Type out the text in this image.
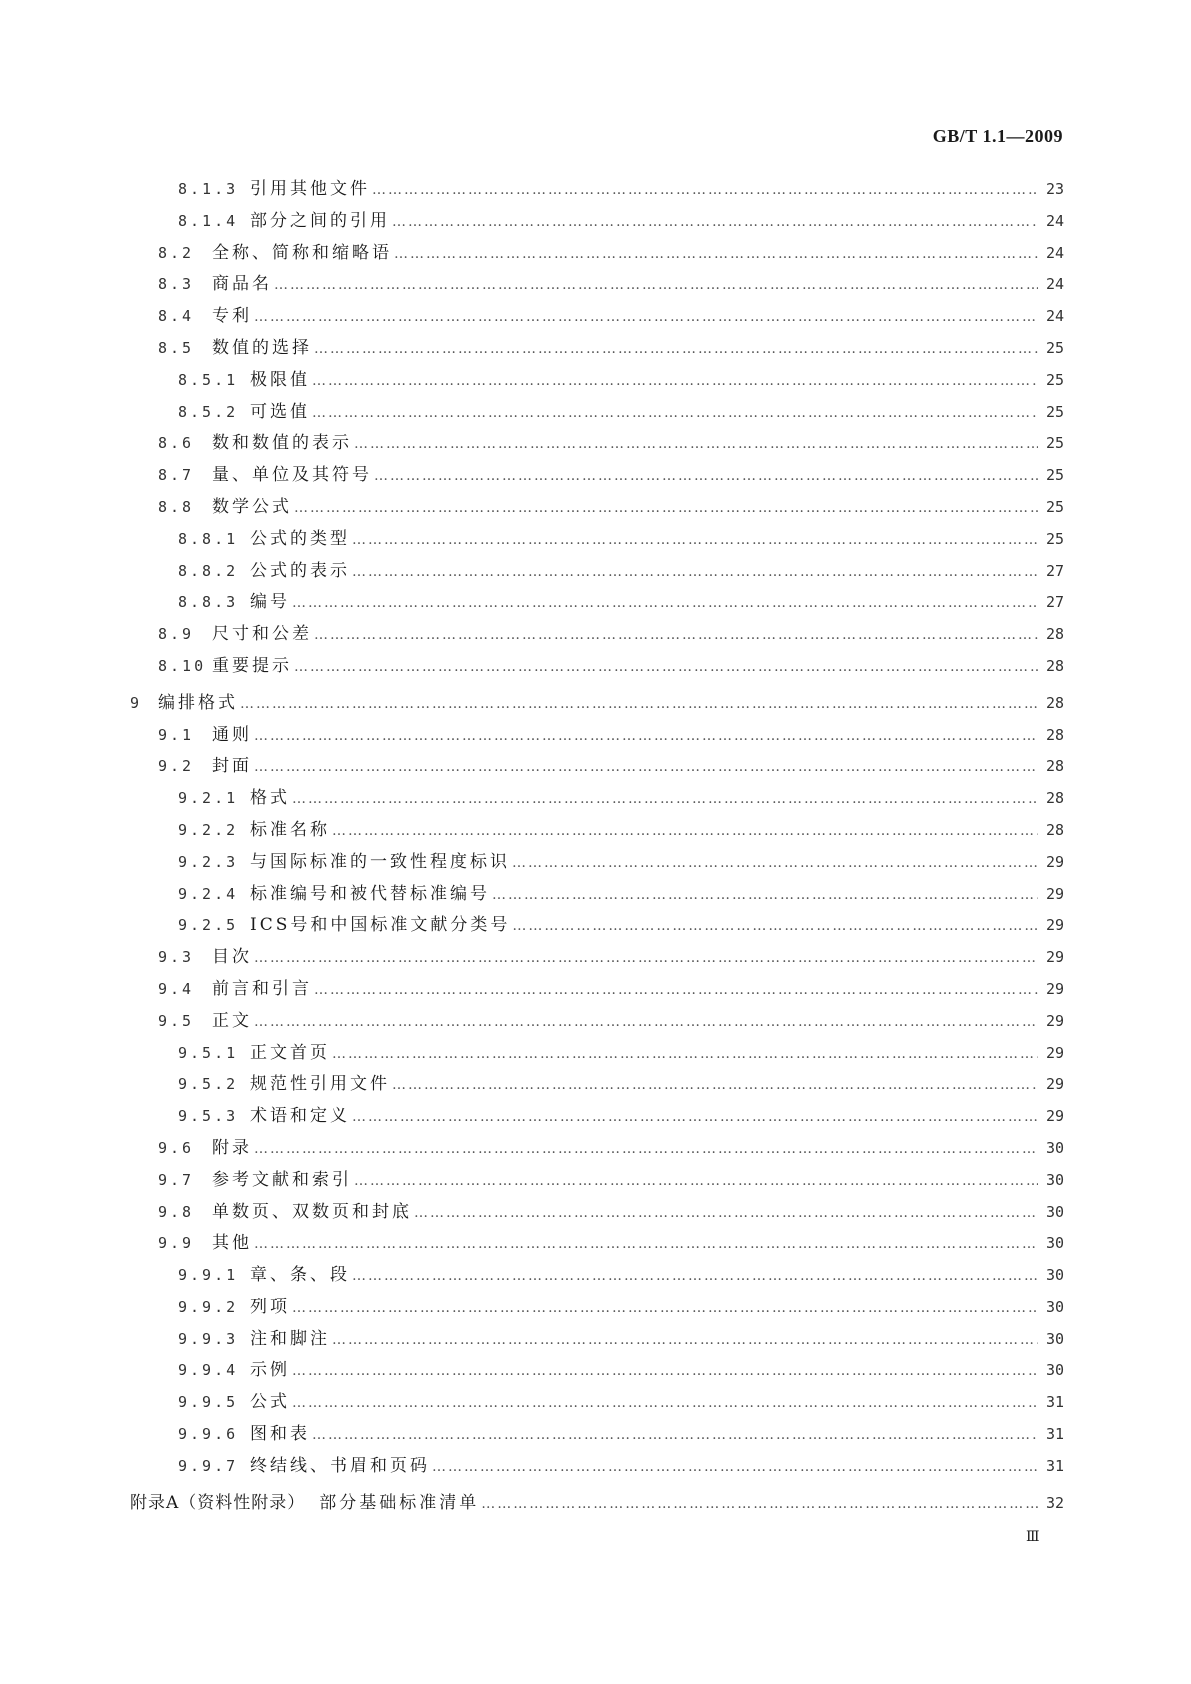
GB/T 1.1—2009
8.1.3 引用其他文件 ……………………………………………………………………………………………………………………………………………………………………………………	23
8.1.4 部分之间的引用 ……………………………………………………………………………………………………………………………………………………………………………………	24
8.2	全称、简称和缩略语 ……………………………………………………………………………………………………………………………………………………………………………………	24
8.3	商品名 ……………………………………………………………………………………………………………………………………………………………………………………	24
8.4	专利 ……………………………………………………………………………………………………………………………………………………………………………………	24
8.5	数值的选择 ……………………………………………………………………………………………………………………………………………………………………………………	25
8.5.1 极限值 ……………………………………………………………………………………………………………………………………………………………………………………	25
8.5.2 可选值 ……………………………………………………………………………………………………………………………………………………………………………………	25
8.6	数和数值的表示 ……………………………………………………………………………………………………………………………………………………………………………………	25
8.7	量、单位及其符号 ……………………………………………………………………………………………………………………………………………………………………………………	25
8.8	数学公式 ……………………………………………………………………………………………………………………………………………………………………………………	25
8.8.1 公式的类型 ……………………………………………………………………………………………………………………………………………………………………………………	25
8.8.2 公式的表示 ……………………………………………………………………………………………………………………………………………………………………………………	27
8.8.3 编号 ……………………………………………………………………………………………………………………………………………………………………………………	27
8.9	尺寸和公差 ……………………………………………………………………………………………………………………………………………………………………………………	28
8.10 重要提示 ……………………………………………………………………………………………………………………………………………………………………………………	28
9 编排格式 ……………………………………………………………………………………………………………………………………………………………………………………	28
9.1	通则 ……………………………………………………………………………………………………………………………………………………………………………………	28
9.2	封面 ……………………………………………………………………………………………………………………………………………………………………………………	28
9.2.1 格式 ……………………………………………………………………………………………………………………………………………………………………………………	28
9.2.2 标准名称 ……………………………………………………………………………………………………………………………………………………………………………………	28
9.2.3 与国际标准的一致性程度标识 ……………………………………………………………………………………………………………………………………………………………………………………	29
9.2.4 标准编号和被代替标准编号 ……………………………………………………………………………………………………………………………………………………………………………………	29
9.2.5 ICS号和中国标准文献分类号 ……………………………………………………………………………………………………………………………………………………………………………………	29
9.3	目次 ……………………………………………………………………………………………………………………………………………………………………………………	29
9.4	前言和引言 ……………………………………………………………………………………………………………………………………………………………………………………	29
9.5	正文 ……………………………………………………………………………………………………………………………………………………………………………………	29
9.5.1 正文首页 ……………………………………………………………………………………………………………………………………………………………………………………	29
9.5.2 规范性引用文件 ……………………………………………………………………………………………………………………………………………………………………………………	29
9.5.3 术语和定义 ……………………………………………………………………………………………………………………………………………………………………………………	29
9.6	附录 ……………………………………………………………………………………………………………………………………………………………………………………	30
9.7	参考文献和索引 ……………………………………………………………………………………………………………………………………………………………………………………	30
9.8	单数页、双数页和封底 ……………………………………………………………………………………………………………………………………………………………………………………	30
9.9	其他 ……………………………………………………………………………………………………………………………………………………………………………………	30
9.9.1 章、条、段 ……………………………………………………………………………………………………………………………………………………………………………………	30
9.9.2 列项 ……………………………………………………………………………………………………………………………………………………………………………………	30
9.9.3 注和脚注 ……………………………………………………………………………………………………………………………………………………………………………………	30
9.9.4 示例 ……………………………………………………………………………………………………………………………………………………………………………………	30
9.9.5 公式 ……………………………………………………………………………………………………………………………………………………………………………………	31
9.9.6 图和表 ……………………………………………………………………………………………………………………………………………………………………………………	31
9.9.7 终结线、书眉和页码 ……………………………………………………………………………………………………………………………………………………………………………………	31
附录A（资料性附录） 部分基础标准清单 ……………………………………………………………………………………………………………………………………………………………………………………	32
Ⅲ
